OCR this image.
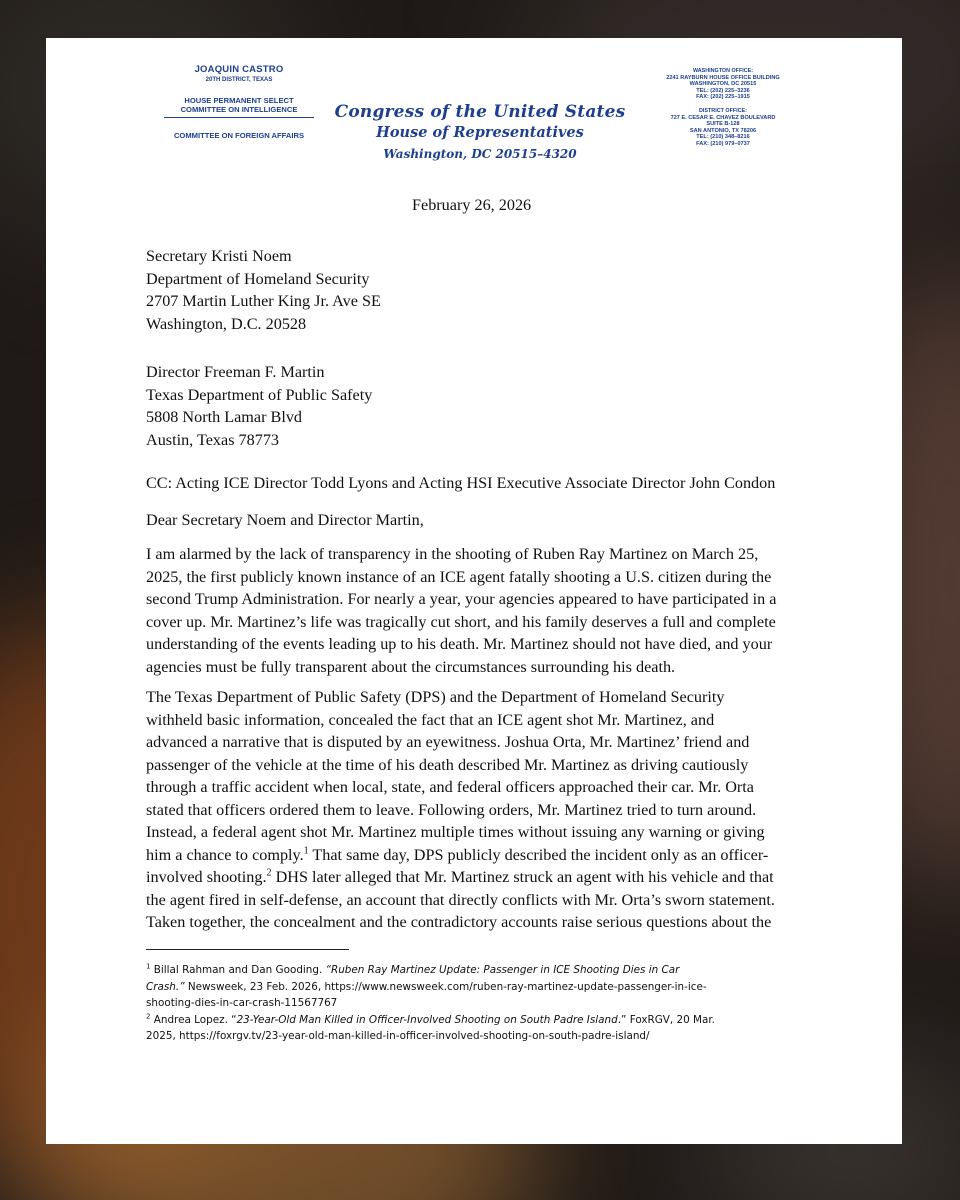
JOAQUIN CASTRO
20TH DISTRICT, TEXAS
HOUSE PERMANENT SELECT
COMMITTEE ON INTELLIGENCE
COMMITTEE ON FOREIGN AFFAIRS
Congress of the United States
House of Representatives
Washington, DC 20515–4320
WASHINGTON OFFICE:
2241 RAYBURN HOUSE OFFICE BUILDING
WASHINGTON, DC 20515
TEL: (202) 225–3236
FAX: (202) 225–1915
DISTRICT OFFICE:
727 E. CESAR E. CHAVEZ BOULEVARD
SUITE B-128
SAN ANTONIO, TX 78206
TEL: (210) 348–8216
FAX: (210) 979–0737
February 26, 2026
Secretary Kristi Noem
Department of Homeland Security
2707 Martin Luther King Jr. Ave SE
Washington, D.C. 20528
Director Freeman F. Martin
Texas Department of Public Safety
5808 North Lamar Blvd
Austin, Texas 78773
CC: Acting ICE Director Todd Lyons and Acting HSI Executive Associate Director John Condon
Dear Secretary Noem and Director Martin,
I am alarmed by the lack of transparency in the shooting of Ruben Ray Martinez on March 25,
2025, the first publicly known instance of an ICE agent fatally shooting a U.S. citizen during the
second Trump Administration. For nearly a year, your agencies appeared to have participated in a
cover up. Mr. Martinez’s life was tragically cut short, and his family deserves a full and complete
understanding of the events leading up to his death. Mr. Martinez should not have died, and your
agencies must be fully transparent about the circumstances surrounding his death.
The Texas Department of Public Safety (DPS) and the Department of Homeland Security
withheld basic information, concealed the fact that an ICE agent shot Mr. Martinez, and
advanced a narrative that is disputed by an eyewitness. Joshua Orta, Mr. Martinez’ friend and
passenger of the vehicle at the time of his death described Mr. Martinez as driving cautiously
through a traffic accident when local, state, and federal officers approached their car. Mr. Orta
stated that officers ordered them to leave. Following orders, Mr. Martinez tried to turn around.
Instead, a federal agent shot Mr. Martinez multiple times without issuing any warning or giving
him a chance to comply.$^1$ That same day, DPS publicly described the incident only as an officer-
involved shooting.$^2$ DHS later alleged that Mr. Martinez struck an agent with his vehicle and that
the agent fired in self-defense, an account that directly conflicts with Mr. Orta’s sworn statement.
Taken together, the concealment and the contradictory accounts raise serious questions about the
$^1$ Billal Rahman and Dan Gooding. “Ruben Ray Martinez Update: Passenger in ICE Shooting Dies in Car
Crash.” Newsweek, 23 Feb. 2026, https://www.newsweek.com/ruben-ray-martinez-update-passenger-in-ice-
shooting-dies-in-car-crash-11567767
$^2$ Andrea Lopez. “23-Year-Old Man Killed in Officer-Involved Shooting on South Padre Island.” FoxRGV, 20 Mar.
2025, https://foxrgv.tv/23-year-old-man-killed-in-officer-involved-shooting-on-south-padre-island/
